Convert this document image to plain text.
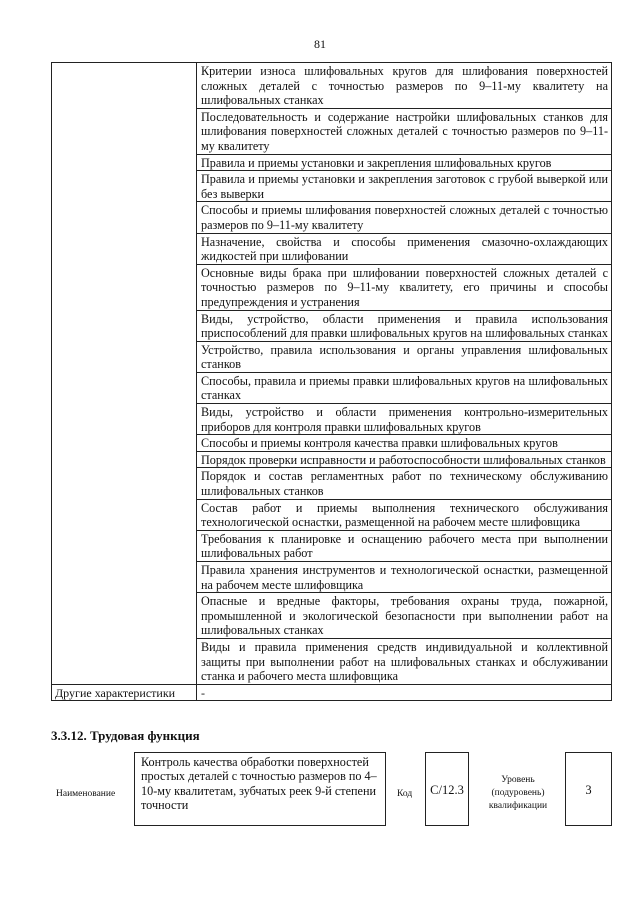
81
	Критерии износа шлифовальных кругов для шлифования поверхностей сложных деталей с точностью размеров по 9–11-му квалитету на шлифовальных станках
	Последовательность и содержание настройки шлифовальных станков для шлифования поверхностей сложных деталей с точностью размеров по 9–11-му квалитету
	Правила и приемы установки и закрепления шлифовальных кругов
	Правила и приемы установки и закрепления заготовок с грубой выверкой или без выверки
	Способы и приемы шлифования поверхностей сложных деталей с точностью размеров по 9–11-му квалитету
	Назначение, свойства и способы применения смазочно-охлаждающих жидкостей при шлифовании
	Основные виды брака при шлифовании поверхностей сложных деталей с точностью размеров по 9–11-му квалитету, его причины и способы предупреждения и устранения
	Виды, устройство, области применения и правила использования приспособлений для правки шлифовальных кругов на шлифовальных станках
	Устройство, правила использования и органы управления шлифовальных станков
	Способы, правила и приемы правки шлифовальных кругов на шлифовальных станках
	Виды, устройство и области применения контрольно-измерительных приборов для контроля правки шлифовальных кругов
	Способы и приемы контроля качества правки шлифовальных кругов
	Порядок проверки исправности и работоспособности шлифовальных станков
	Порядок и состав регламентных работ по техническому обслуживанию шлифовальных станков
	Состав работ и приемы выполнения технического обслуживания технологической оснастки, размещенной на рабочем месте шлифовщика
	Требования к планировке и оснащению рабочего места при выполнении шлифовальных работ
	Правила хранения инструментов и технологической оснастки, размещенной на рабочем месте шлифовщика
	Опасные и вредные факторы, требования охраны труда, пожарной, промышленной и экологической безопасности при выполнении работ на шлифовальных станках
	Виды и правила применения средств индивидуальной и коллективной защиты при выполнении работ на шлифовальных станках и обслуживании станка и рабочего места шлифовщика
Другие характеристики	-
3.3.12. Трудовая функция
Наименование
Контроль качества обработки поверхностей простых деталей с точностью размеров по 4–10-му квалитетам, зубчатых реек 9-й степени точности
Код	C/12.3
Уровень (подуровень) квалификации
3
